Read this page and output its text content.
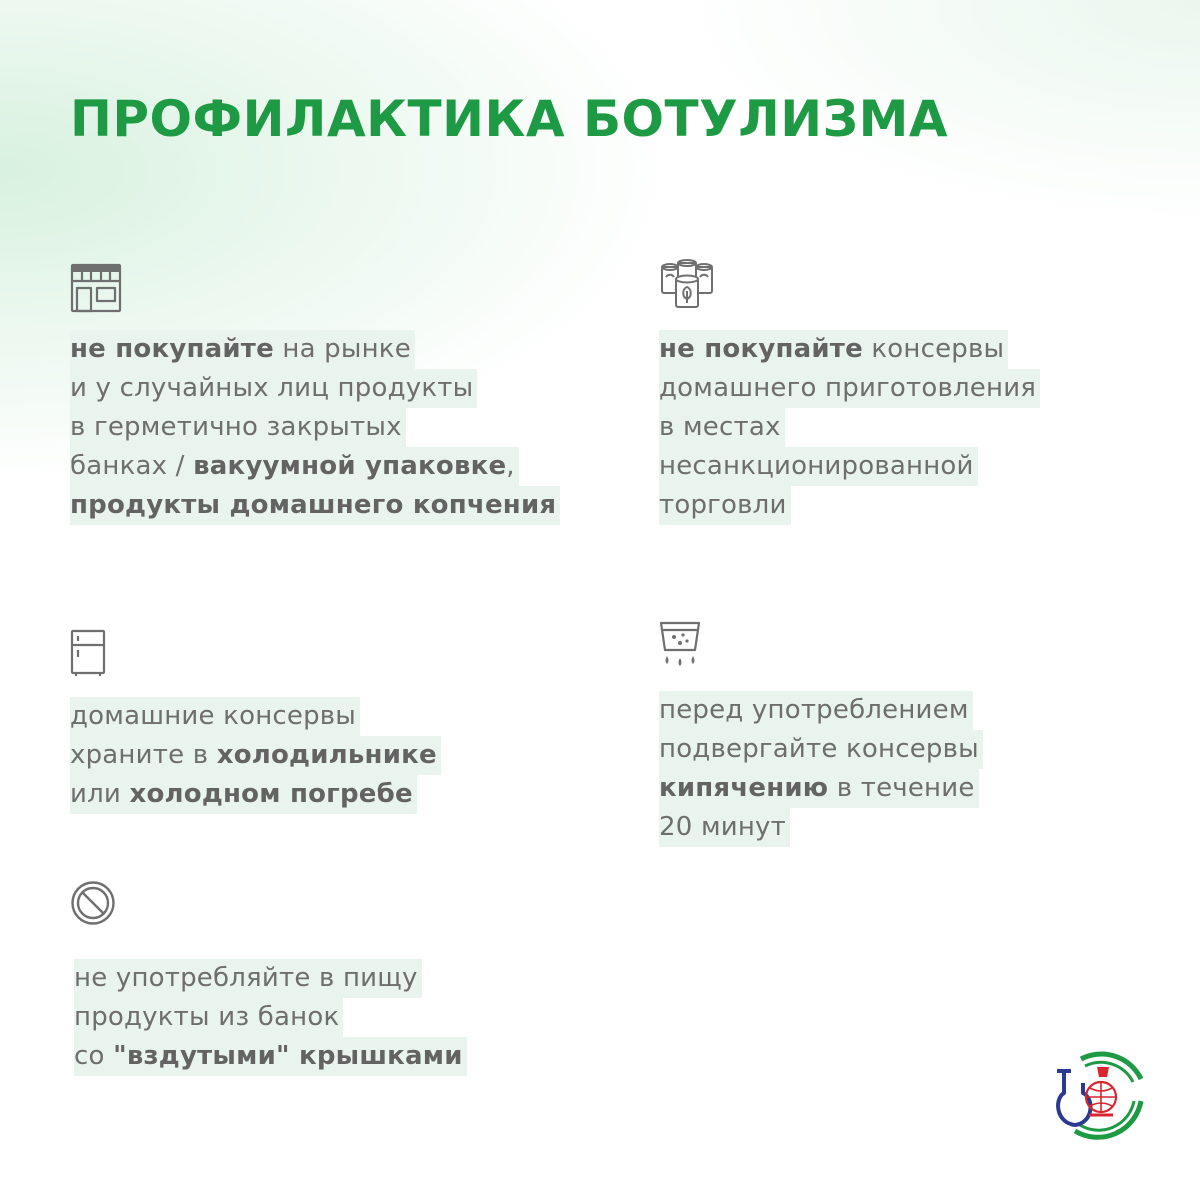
ПРОФИЛАКТИКА БОТУЛИЗМА
не покупайте на рынке
и у случайных лиц продукты
в герметично закрытых
банках / вакуумной упаковке,
продукты домашнего копчения
не покупайте консервы
домашнего приготовления
в местах
несанкционированной
торговли
домашние консервы
храните в холодильнике
или холодном погребе
перед употреблением
подвергайте консервы
кипячению в течение
20 минут
не употребляйте в пищу
продукты из банок
со "вздутыми" крышками
